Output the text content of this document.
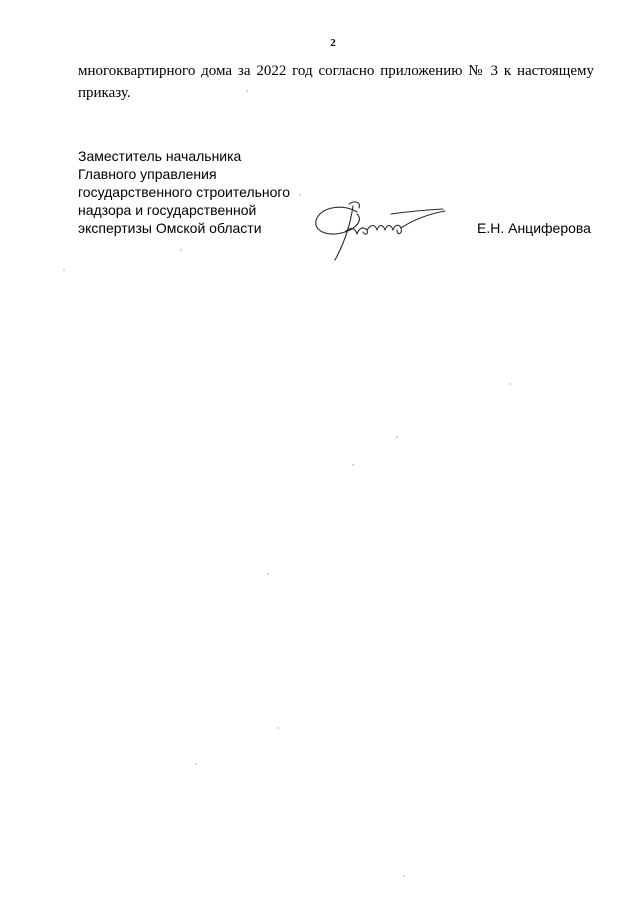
2
многоквартирного дома за 2022 год согласно приложению № 3 к настоящему приказу.
Заместитель начальника
Главного управления
государственного строительного
надзора и государственной
экспертизы Омской области	Е.Н. Анциферова
